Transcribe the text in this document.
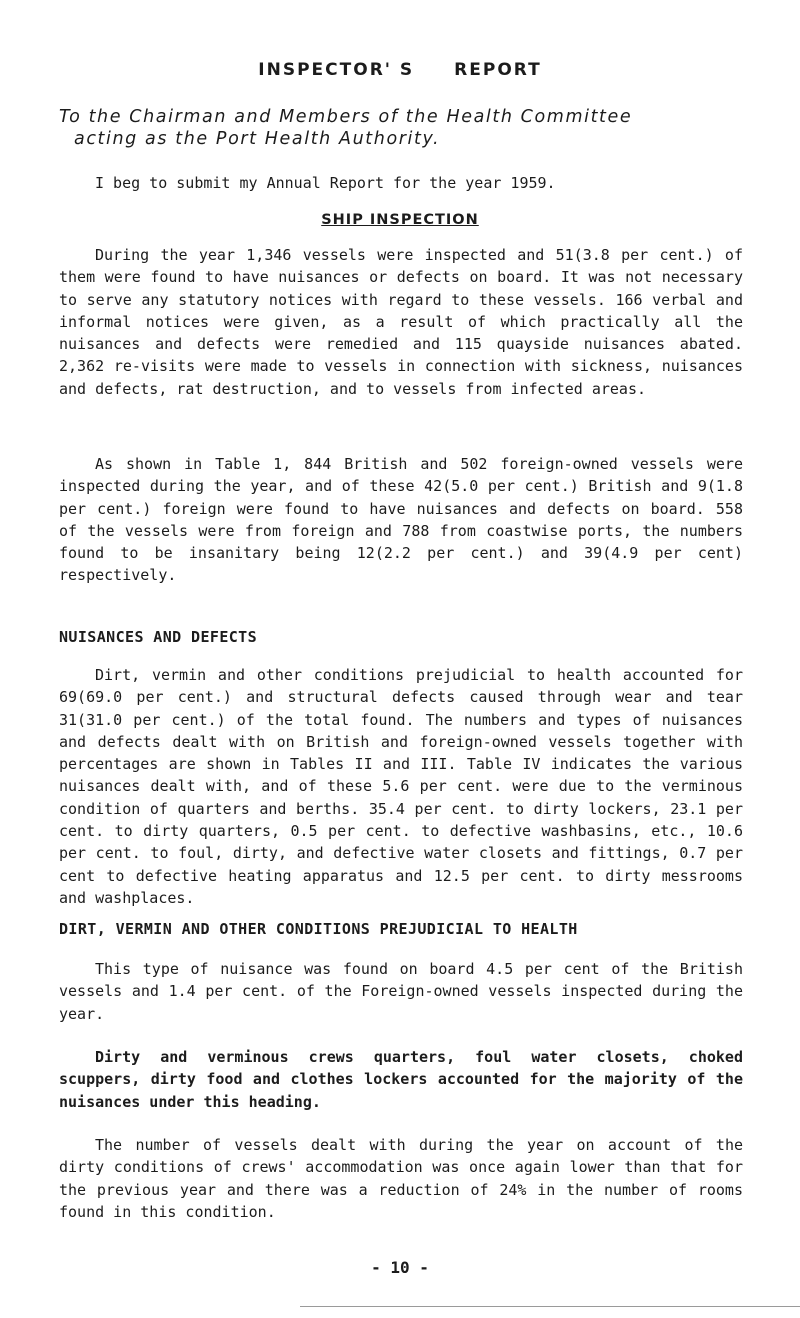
INSPECTOR' S REPORT
To the Chairman and Members of the Health Committee
acting as the Port Health Authority.

I beg to submit my Annual Report for the year 1959.

SHIP INSPECTION

During the year 1,346 vessels were inspected and 51(3.8 per cent.) of them were found to have nuisances or defects on board. It was not necessary to serve any statutory notices with regard to these vessels. 166 verbal and informal notices were given, as a result of which practically all the nuisances and defects were remedied and 115 quayside nuisances abated. 2,362 re-visits were made to vessels in connection with sickness, nuisances and defects, rat destruction, and to vessels from infected areas.

As shown in Table 1, 844 British and 502 foreign-owned vessels were inspected during the year, and of these 42(5.0 per cent.) British and 9(1.8 per cent.) foreign were found to have nuisances and defects on board. 558 of the vessels were from foreign and 788 from coastwise ports, the numbers found to be insanitary being 12(2.2 per cent.) and 39(4.9 per cent) respectively.

NUISANCES AND DEFECTS

Dirt, vermin and other conditions prejudicial to health accounted for 69(69.0 per cent.) and structural defects caused through wear and tear 31(31.0 per cent.) of the total found. The numbers and types of nuisances and defects dealt with on British and foreign-owned vessels together with percentages are shown in Tables II and III. Table IV indicates the various nuisances dealt with, and of these 5.6 per cent. were due to the verminous condition of quarters and berths. 35.4 per cent. to dirty lockers, 23.1 per cent. to dirty quarters, 0.5 per cent. to defective washbasins, etc., 10.6 per cent. to foul, dirty, and defective water closets and fittings, 0.7 per cent to defective heating apparatus and 12.5 per cent. to dirty messrooms and washplaces.

DIRT, VERMIN AND OTHER CONDITIONS PREJUDICIAL TO HEALTH

This type of nuisance was found on board 4.5 per cent of the British vessels and 1.4 per cent. of the Foreign-owned vessels inspected during the year.

Dirty and verminous crews quarters, foul water closets, choked scuppers, dirty food and clothes lockers accounted for the majority of the nuisances under this heading.

The number of vessels dealt with during the year on account of the dirty conditions of crews' accommodation was once again lower than that for the previous year and there was a reduction of 24% in the number of rooms found in this condition.

- 10 -
